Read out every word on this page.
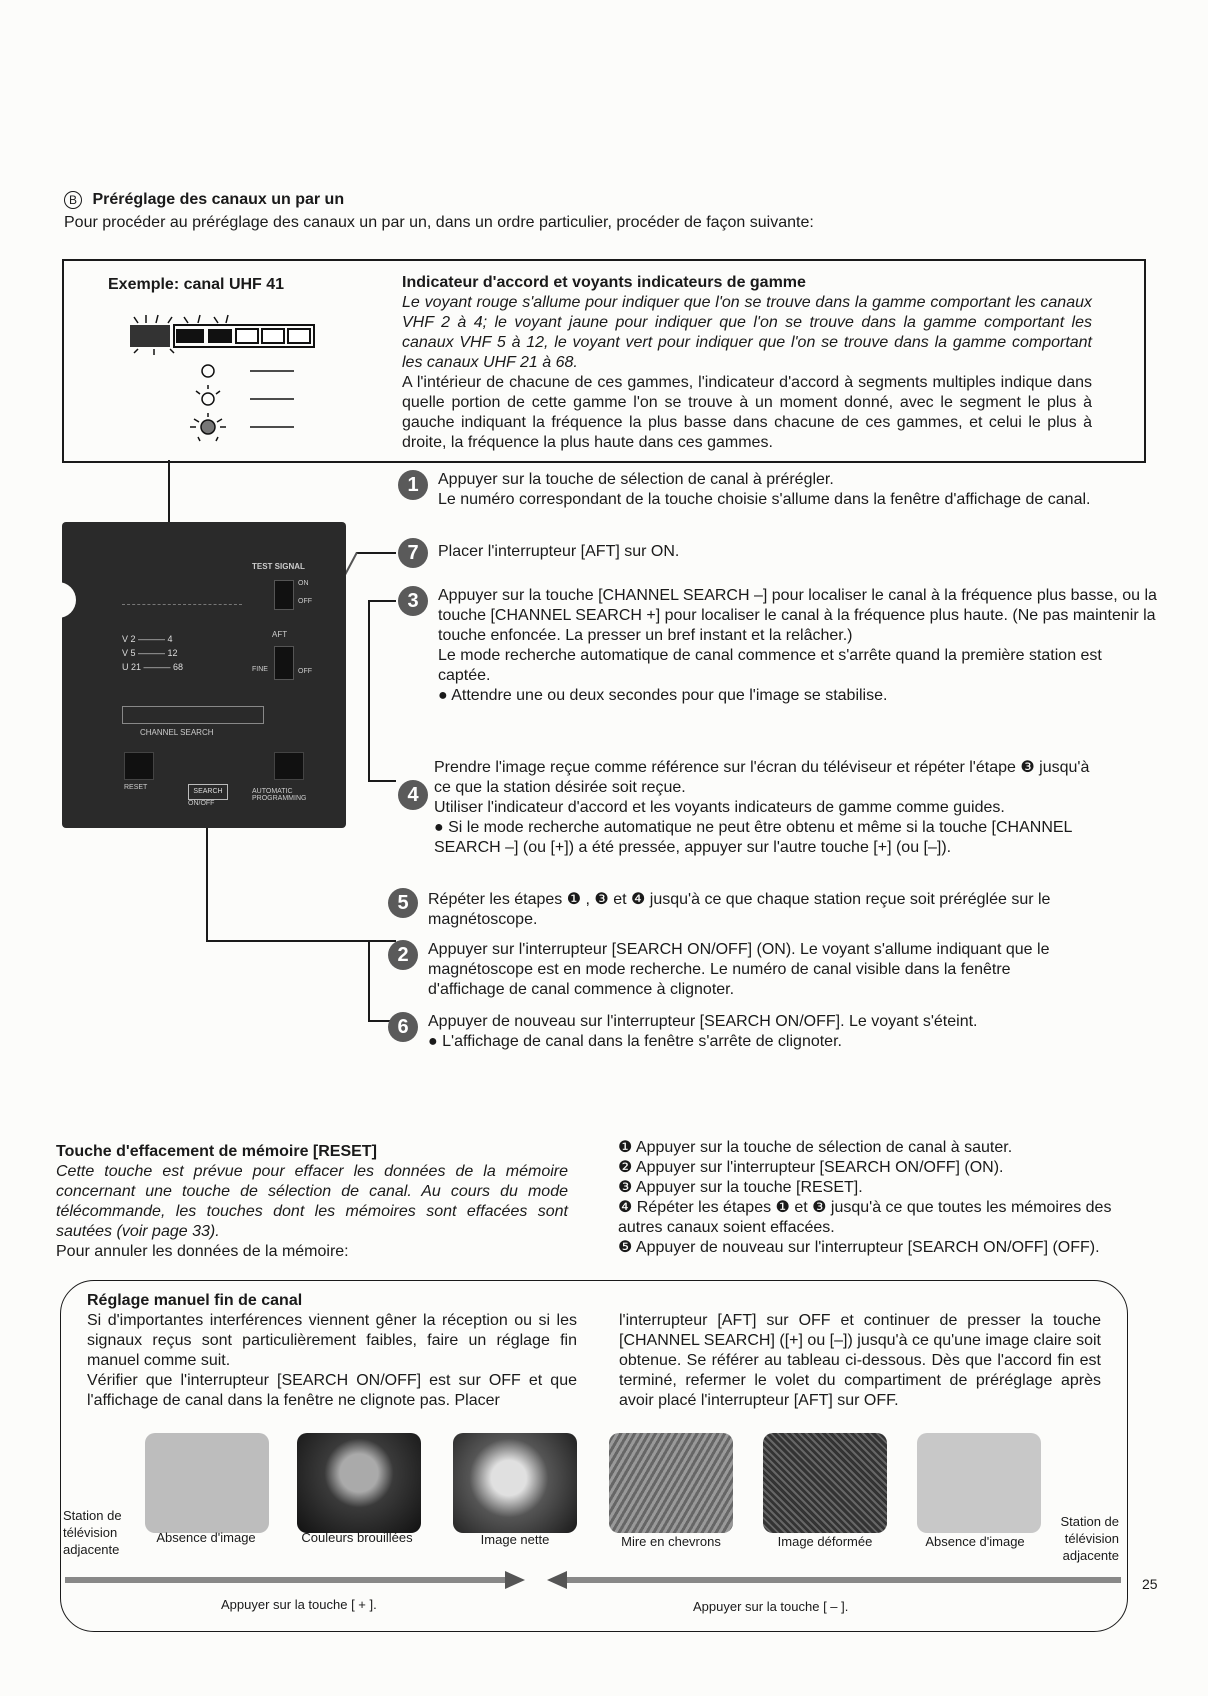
B Préréglage des canaux un par un
Pour procéder au préréglage des canaux un par un, dans un ordre particulier, procéder de façon suivante:
Exemple: canal UHF 41	Indicateur d'accord et voyants indicateurs de gamme
Le voyant rouge s'allume pour indiquer que l'on se trouve dans la gamme comportant les canaux VHF 2 à 4; le voyant jaune pour indiquer que l'on se trouve dans la gamme comportant les canaux VHF 5 à 12, le voyant vert pour indiquer que l'on se trouve dans la gamme comportant les canaux UHF 21 à 68.
A l'intérieur de chacune de ces gammes, l'indicateur d'accord à segments multiples indique dans quelle portion de cette gamme l'on se trouve à un moment donné, avec le segment le plus à gauche indiquant la fréquence la plus basse dans chacune de ces gammes, et celui le plus à droite, la fréquence la plus haute dans ces gammes.
TEST SIGNAL
ON
OFF
V 2 ——— 4
V 5 ——— 12
U 21 ——— 68
AFT
FINE	OFF
CHANNEL SEARCH
RESET
SEARCH
ON/OFF
AUTOMATIC PROGRAMMING
1	Appuyer sur la touche de sélection de canal à prérégler.
Le numéro correspondant de la touche choisie s'allume dans la fenêtre d'affichage de canal.
7	Placer l'interrupteur [AFT] sur ON.
3	Appuyer sur la touche [CHANNEL SEARCH –] pour localiser le canal à la fréquence plus basse, ou la touche [CHANNEL SEARCH +] pour localiser le canal à la fréquence plus haute. (Ne pas maintenir la touche enfoncée. La presser un bref instant et la relâcher.)
Le mode recherche automatique de canal commence et s'arrête quand la première station est captée.
● Attendre une ou deux secondes pour que l'image se stabilise.
4
Prendre l'image reçue comme référence sur l'écran du téléviseur et répéter l'étape ❸ jusqu'à ce que la station désirée soit reçue.
Utiliser l'indicateur d'accord et les voyants indicateurs de gamme comme guides.
● Si le mode recherche automatique ne peut être obtenu et même si la touche [CHANNEL SEARCH –] (ou [+]) a été pressée, appuyer sur l'autre touche [+] (ou [–]).
5	Répéter les étapes ❶ , ❸ et ❹ jusqu'à ce que chaque station reçue soit préréglée sur le magnétoscope.
2	Appuyer sur l'interrupteur [SEARCH ON/OFF] (ON). Le voyant s'allume indiquant que le magnétoscope est en mode recherche. Le numéro de canal visible dans la fenêtre d'affichage de canal commence à clignoter.
6	Appuyer de nouveau sur l'interrupteur [SEARCH ON/OFF]. Le voyant s'éteint.
● L'affichage de canal dans la fenêtre s'arrête de clignoter.
Touche d'effacement de mémoire [RESET]
Cette touche est prévue pour effacer les données de la mémoire concernant une touche de sélection de canal. Au cours du mode télécommande, les touches dont les mémoires sont effacées sont sautées (voir page 33).
Pour annuler les données de la mémoire:
❶ Appuyer sur la touche de sélection de canal à sauter.
❷ Appuyer sur l'interrupteur [SEARCH ON/OFF] (ON).
❸ Appuyer sur la touche [RESET].
❹ Répéter les étapes ❶ et ❸ jusqu'à ce que toutes les mémoires des autres canaux soient effacées.
❺ Appuyer de nouveau sur l'interrupteur [SEARCH ON/OFF] (OFF).
Réglage manuel fin de canal
Si d'importantes interférences viennent gêner la réception ou si les signaux reçus sont particulièrement faibles, faire un réglage fin manuel comme suit.
Vérifier que l'interrupteur [SEARCH ON/OFF] est sur OFF et que l'affichage de canal dans la fenêtre ne clignote pas. Placer
l'interrupteur [AFT] sur OFF et continuer de presser la touche [CHANNEL SEARCH] ([+] ou [–]) jusqu'à ce qu'une image claire soit obtenue. Se référer au tableau ci-dessous. Dès que l'accord fin est terminé, refermer le volet du compartiment de préréglage après avoir placé l'interrupteur [AFT] sur OFF.
Station de télévision adjacente
Absence d'image	Couleurs brouillées	Image nette	Mire en chevrons	Image déformée	Absence d'image
Station de télévision adjacente
Appuyer sur la touche [ + ].	Appuyer sur la touche [ – ].
25
